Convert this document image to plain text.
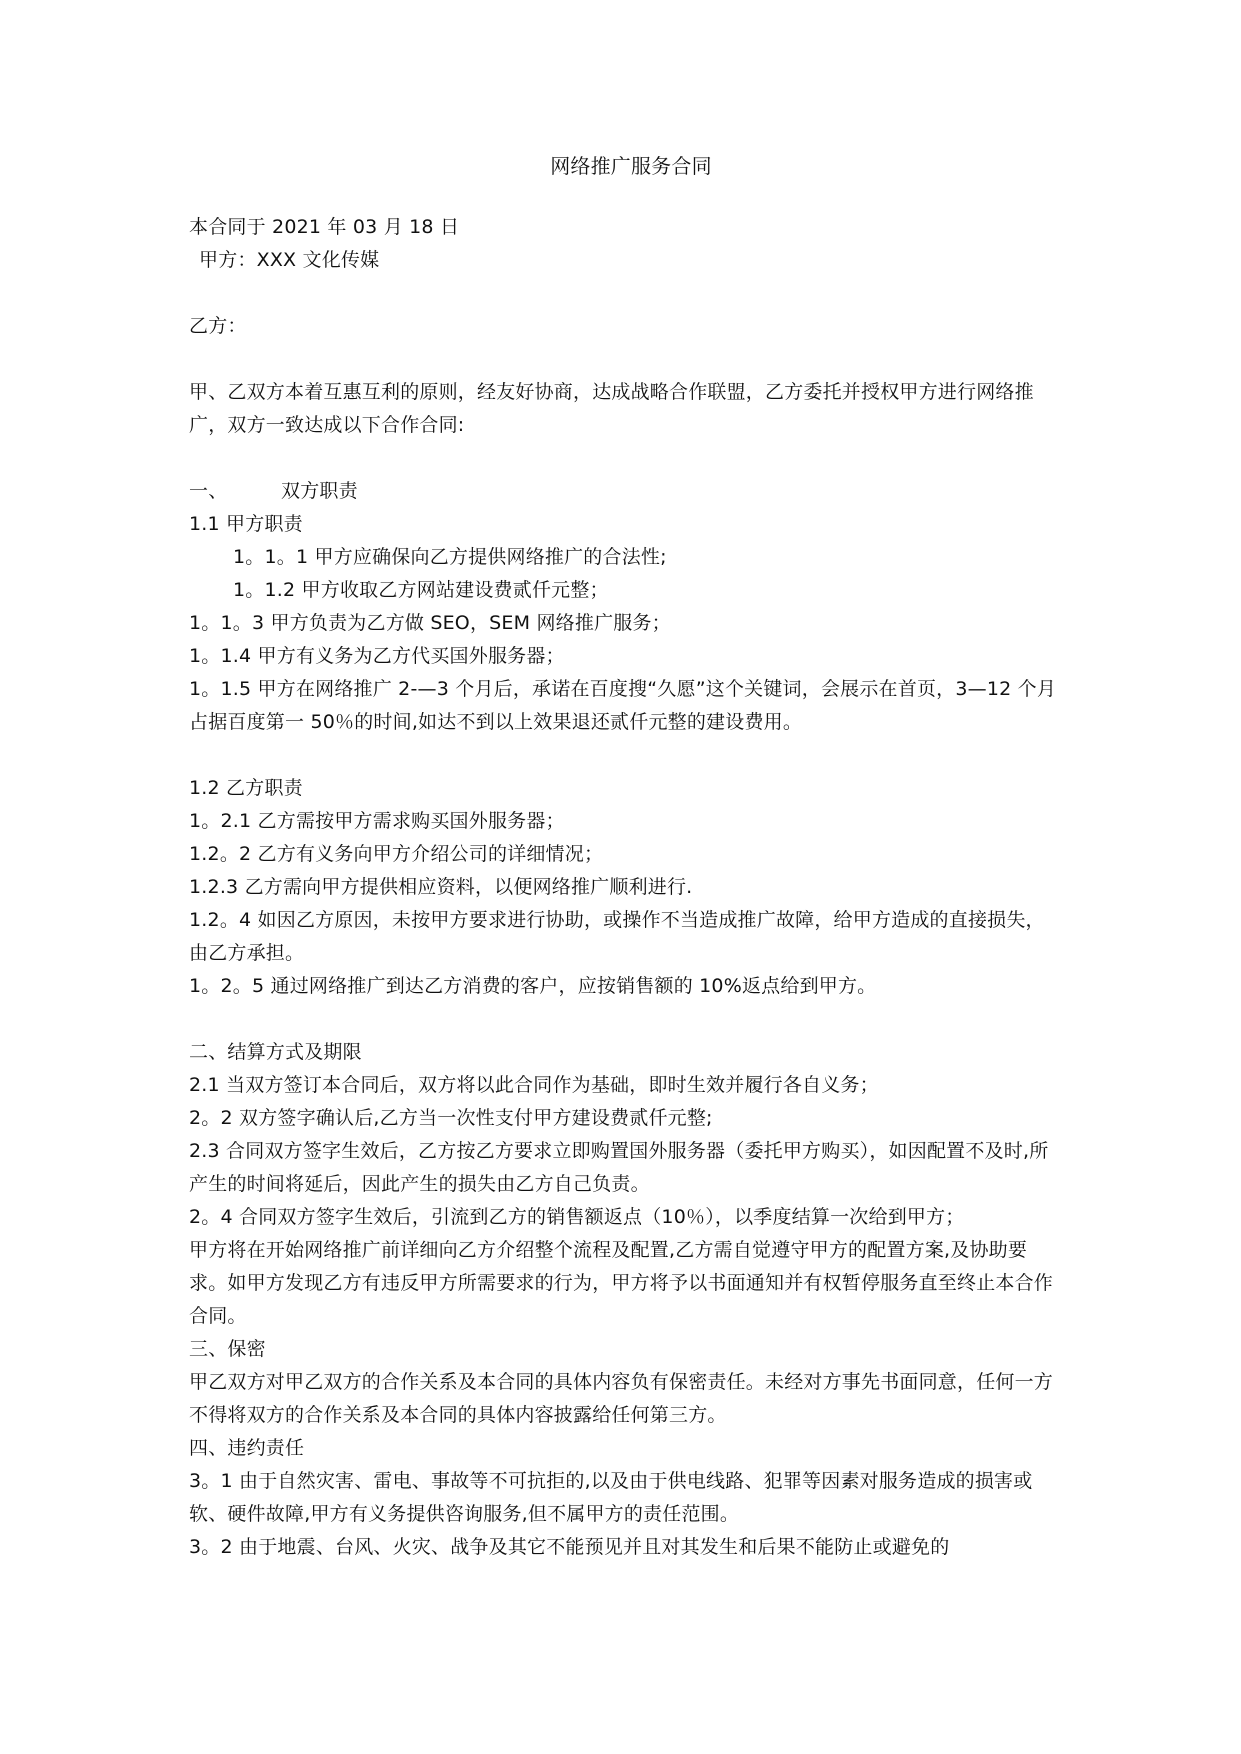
网络推广服务合同

本合同于 2021 年 03 月 18 日

甲方：XXX 文化传媒

乙方：

甲、乙双方本着互惠互利的原则，经友好协商，达成战略合作联盟，乙方委托并授权甲方进行网络推广，双方一致达成以下合作合同:

一、	双方职责

1.1 甲方职责

1。1。1 甲方应确保向乙方提供网络推广的合法性;

1。1.2 甲方收取乙方网站建设费贰仟元整；

1。1。3 甲方负责为乙方做 SEO，SEM 网络推广服务；

1。1.4 甲方有义务为乙方代买国外服务器；

1。1.5 甲方在网络推广 2-—3 个月后，承诺在百度搜“久愿”这个关键词，会展示在首页，3—12 个月占据百度第一 50％的时间,如达不到以上效果退还贰仟元整的建设费用。

1.2 乙方职责

1。2.1 乙方需按甲方需求购买国外服务器；

1.2。2 乙方有义务向甲方介绍公司的详细情况；

1.2.3 乙方需向甲方提供相应资料，以便网络推广顺利进行.

1.2。4 如因乙方原因，未按甲方要求进行协助，或操作不当造成推广故障，给甲方造成的直接损失，由乙方承担。

1。2。5 通过网络推广到达乙方消费的客户，应按销售额的 10%返点给到甲方。

二、结算方式及期限

2.1 当双方签订本合同后，双方将以此合同作为基础，即时生效并履行各自义务；

2。2 双方签字确认后,乙方当一次性支付甲方建设费贰仟元整;

2.3 合同双方签字生效后，乙方按乙方要求立即购置国外服务器（委托甲方购买），如因配置不及时,所产生的时间将延后，因此产生的损失由乙方自己负责。

2。4 合同双方签字生效后，引流到乙方的销售额返点（10％），以季度结算一次给到甲方；

甲方将在开始网络推广前详细向乙方介绍整个流程及配置,乙方需自觉遵守甲方的配置方案,及协助要求。如甲方发现乙方有违反甲方所需要求的行为，甲方将予以书面通知并有权暂停服务直至终止本合作合同。

三、保密

甲乙双方对甲乙双方的合作关系及本合同的具体内容负有保密责任。未经对方事先书面同意，任何一方不得将双方的合作关系及本合同的具体内容披露给任何第三方。

四、违约责任

3。1 由于自然灾害、雷电、事故等不可抗拒的,以及由于供电线路、犯罪等因素对服务造成的损害或软、硬件故障,甲方有义务提供咨询服务,但不属甲方的责任范围。

3。2 由于地震、台风、火灾、战争及其它不能预见并且对其发生和后果不能防止或避免的
